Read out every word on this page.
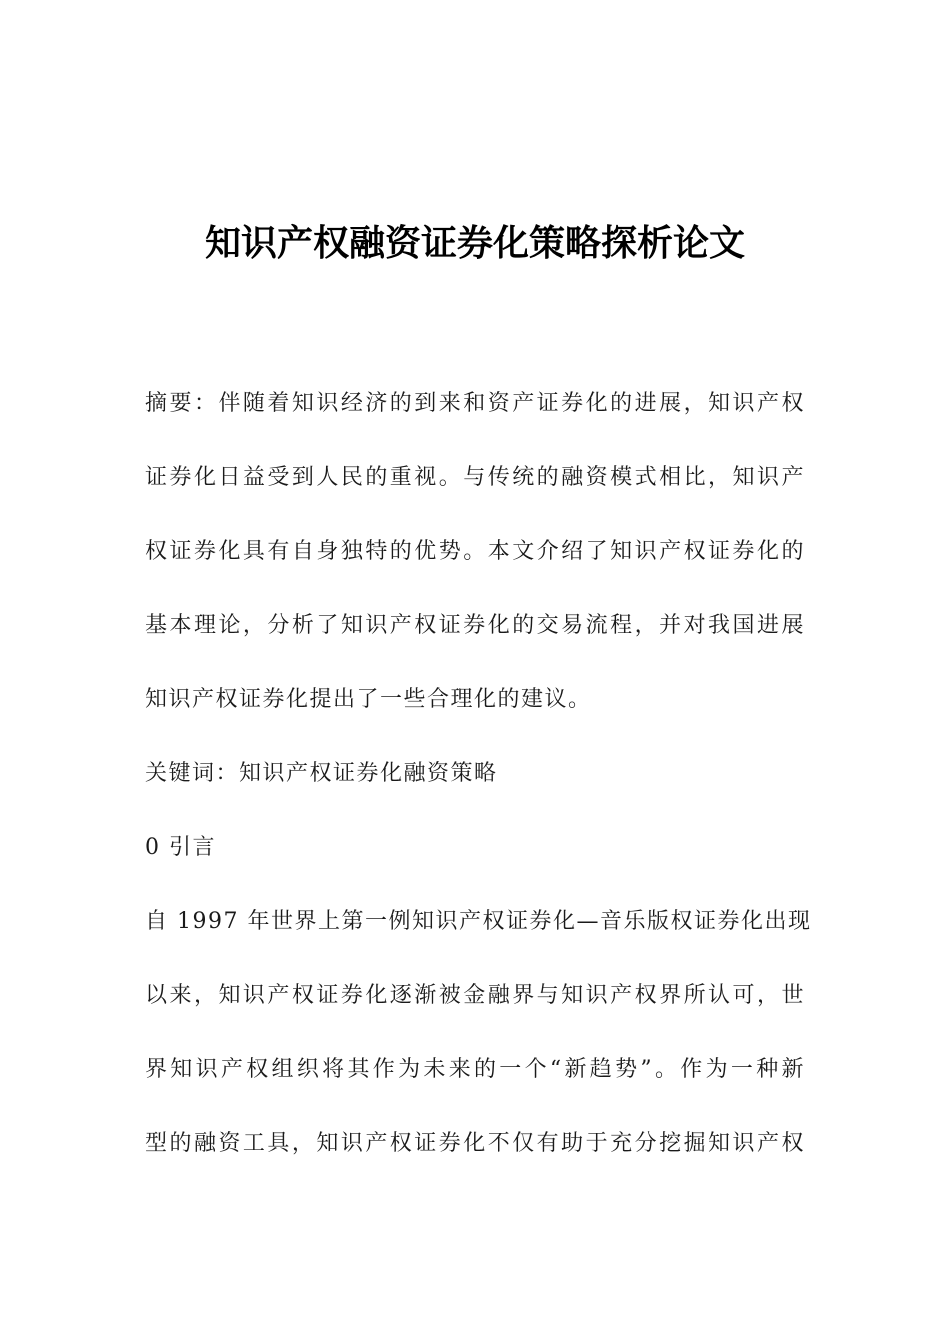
知识产权融资证券化策略探析论文
摘要：伴随着知识经济的到来和资产证券化的进展，知识产权
证券化日益受到人民的重视。与传统的融资模式相比，知识产
权证券化具有自身独特的优势。本文介绍了知识产权证券化的
基本理论，分析了知识产权证券化的交易流程，并对我国进展
知识产权证券化提出了一些合理化的建议。
关键词：知识产权证券化融资策略
0 引言
自 1997 年世界上第一例知识产权证券化—音乐版权证券化出现
以来，知识产权证券化逐渐被金融界与知识产权界所认可，世
界知识产权组织将其作为未来的一个“新趋势”。作为一种新
型的融资工具，知识产权证券化不仅有助于充分挖掘知识产权
